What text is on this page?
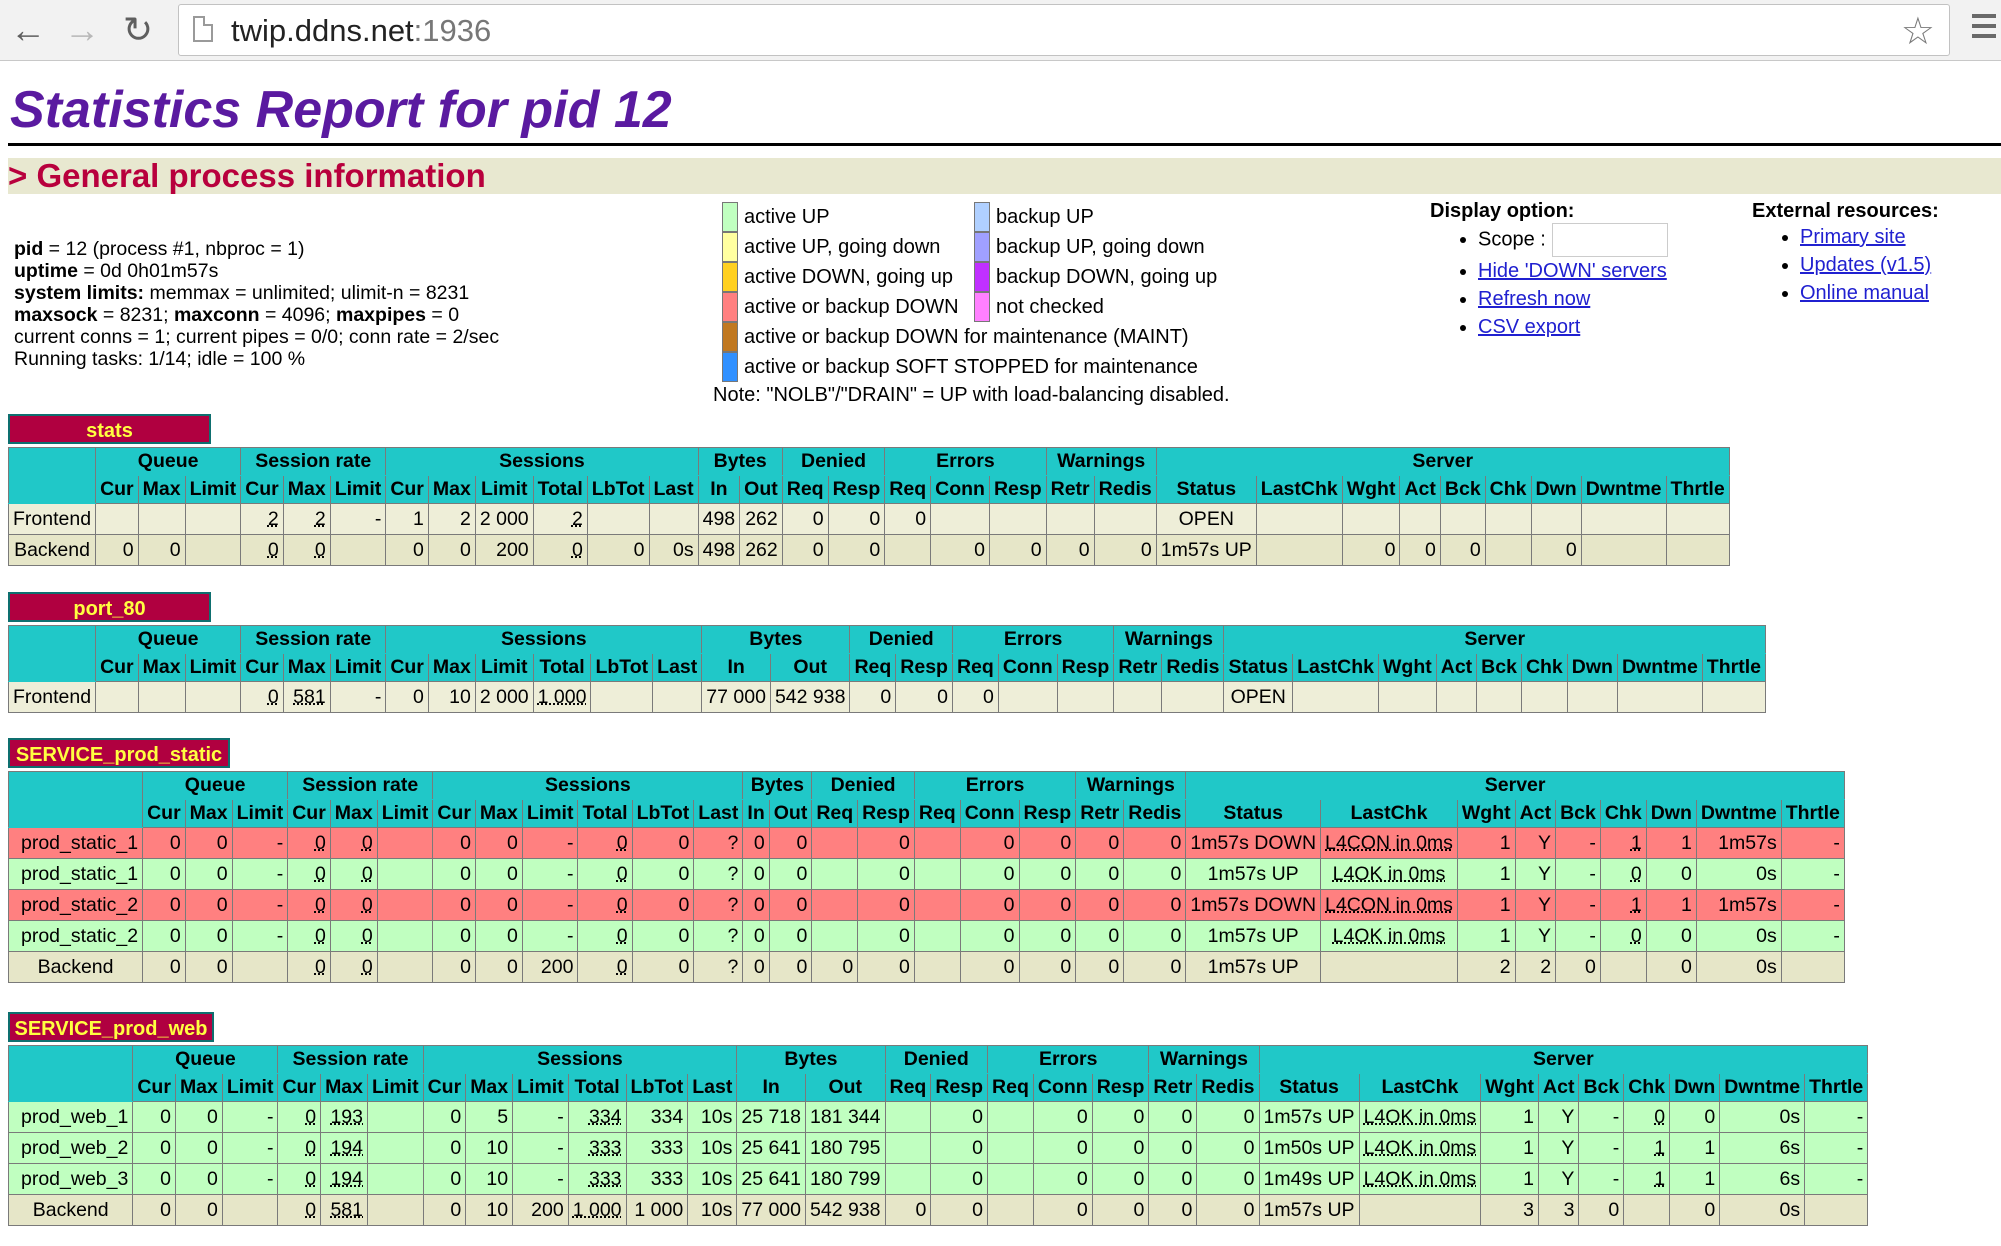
← → ↻	twip.ddns.net:1936	☆
Statistics Report for pid 12
> General process information
pid = 12 (process #1, nbproc = 1)
uptime = 0d 0h01m57s
system limits: memmax = unlimited; ulimit-n = 8231
maxsock = 8231; maxconn = 4096; maxpipes = 0
current conns = 1; current pipes = 0/0; conn rate = 2/sec
Running tasks: 1/14; idle = 100 %
active UP
active UP, going down
active DOWN, going up
active or backup DOWN
active or backup DOWN for maintenance (MAINT)
active or backup SOFT STOPPED for maintenance
backup UP
backup UP, going down
backup DOWN, going up
not checked
Note: "NOLB"/"DRAIN" = UP with load-balancing disabled.
Display option:
• Scope :
• Hide 'DOWN' servers
• Refresh now
• CSV export
External resources:
• Primary site
• Updates (v1.5)
• Online manual
stats
	Queue			Session rate			Sessions						Bytes		Denied		Errors			Warnings		Server								
	Cur	Max	Limit	Cur	Max	Limit	Cur	Max	Limit	Total	LbTot	Last	In	Out	Req	Resp	Req	Conn	Resp	Retr	Redis	Status	LastChk	Wght	Act	Bck	Chk	Dwn	Dwntme	Thrtle
Frontend				2	2	-	1	2	2 000	2			498	262	0	0	0					OPEN								
Backend	0	0		0	0		0	0	200	0	0	0s	498	262	0	0		0	0	0	0	1m57s UP		0	0	0		0		
port_80
	Queue			Session rate			Sessions						Bytes		Denied		Errors			Warnings		Server								
	Cur	Max	Limit	Cur	Max	Limit	Cur	Max	Limit	Total	LbTot	Last	In	Out	Req	Resp	Req	Conn	Resp	Retr	Redis	Status	LastChk	Wght	Act	Bck	Chk	Dwn	Dwntme	Thrtle
Frontend				0	581	-	0	10	2 000	1 000			77 000	542 938	0	0	0					OPEN								
SERVICE_prod_static
	Queue			Session rate			Sessions						Bytes		Denied		Errors			Warnings		Server								
	Cur	Max	Limit	Cur	Max	Limit	Cur	Max	Limit	Total	LbTot	Last	In	Out	Req	Resp	Req	Conn	Resp	Retr	Redis	Status	LastChk	Wght	Act	Bck	Chk	Dwn	Dwntme	Thrtle
prod_static_1	0	0	-	0	0		0	0	-	0	0	?	0	0		0		0	0	0	0	1m57s DOWN	L4CON in 0ms	1	Y	-	1	1	1m57s	-
prod_static_1	0	0	-	0	0		0	0	-	0	0	?	0	0		0		0	0	0	0	1m57s UP	L4OK in 0ms	1	Y	-	0	0	0s	-
prod_static_2	0	0	-	0	0		0	0	-	0	0	?	0	0		0		0	0	0	0	1m57s DOWN	L4CON in 0ms	1	Y	-	1	1	1m57s	-
prod_static_2	0	0	-	0	0		0	0	-	0	0	?	0	0		0		0	0	0	0	1m57s UP	L4OK in 0ms	1	Y	-	0	0	0s	-
Backend	0	0		0	0		0	0	200	0	0	?	0	0	0	0		0	0	0	0	1m57s UP		2	2	0		0	0s	
SERVICE_prod_web
	Queue			Session rate			Sessions						Bytes		Denied		Errors			Warnings		Server								
	Cur	Max	Limit	Cur	Max	Limit	Cur	Max	Limit	Total	LbTot	Last	In	Out	Req	Resp	Req	Conn	Resp	Retr	Redis	Status	LastChk	Wght	Act	Bck	Chk	Dwn	Dwntme	Thrtle
prod_web_1	0	0	-	0	193		0	5	-	334	334	10s	25 718	181 344		0		0	0	0	0	1m57s UP	L4OK in 0ms	1	Y	-	0	0	0s	-
prod_web_2	0	0	-	0	194		0	10	-	333	333	10s	25 641	180 795		0		0	0	0	0	1m50s UP	L4OK in 0ms	1	Y	-	1	1	6s	-
prod_web_3	0	0	-	0	194		0	10	-	333	333	10s	25 641	180 799		0		0	0	0	0	1m49s UP	L4OK in 0ms	1	Y	-	1	1	6s	-
Backend	0	0		0	581		0	10	200	1 000	1 000	10s	77 000	542 938	0	0		0	0	0	0	1m57s UP		3	3	0		0	0s	
